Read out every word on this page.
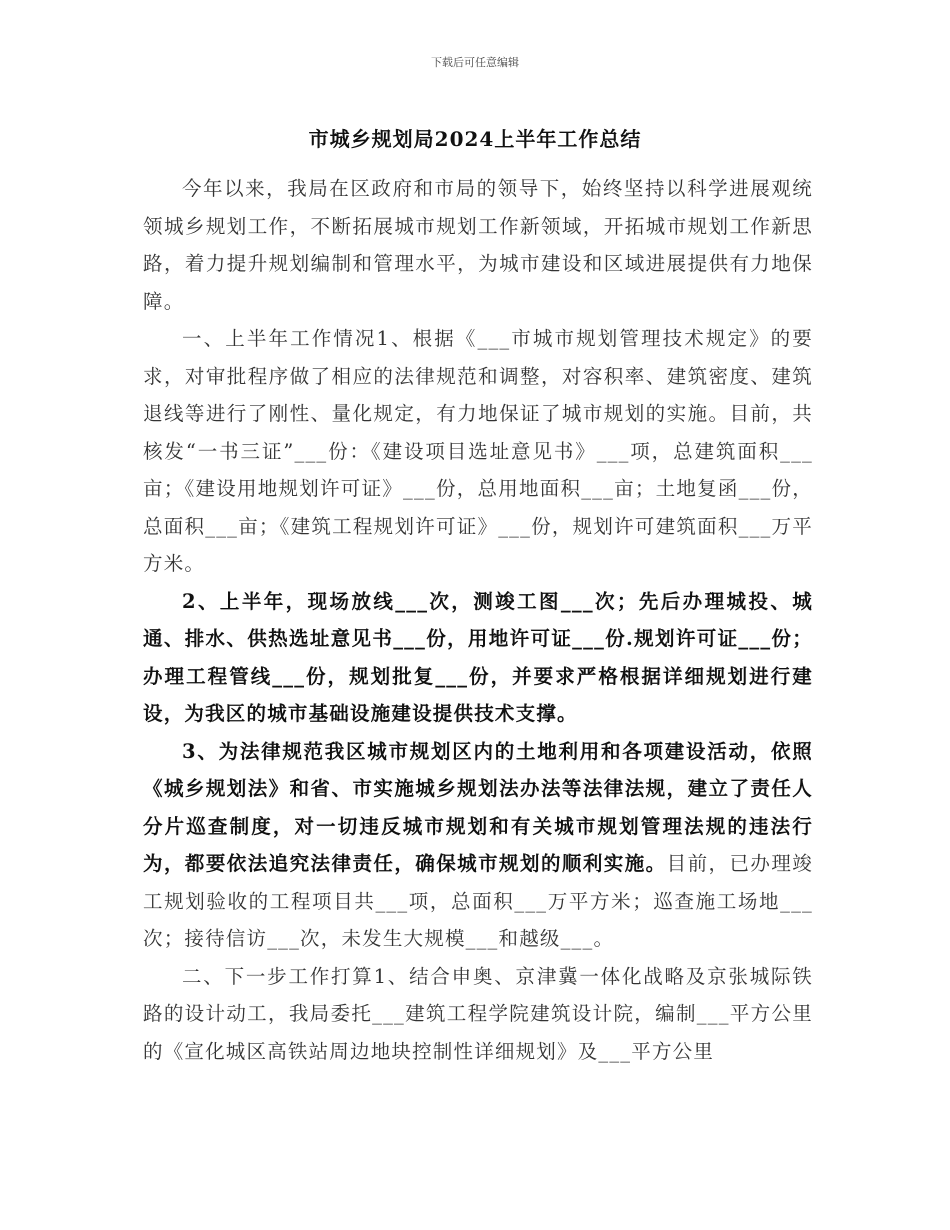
下载后可任意编辑
市城乡规划局2024上半年工作总结

今年以来，我局在区政府和市局的领导下，始终坚持以科学进展观统领城乡规划工作，不断拓展城市规划工作新领域，开拓城市规划工作新思路，着力提升规划编制和管理水平，为城市建设和区域进展提供有力地保障。

一、上半年工作情况1、根据《___市城市规划管理技术规定》的要求，对审批程序做了相应的法律规范和调整，对容积率、建筑密度、建筑退线等进行了刚性、量化规定，有力地保证了城市规划的实施。目前，共核发“一书三证”___份：《建设项目选址意见书》___项，总建筑面积___亩；《建设用地规划许可证》___份，总用地面积___亩；土地复函___份，总面积___亩；《建筑工程规划许可证》___份，规划许可建筑面积___万平方米。

2、上半年，现场放线___次，测竣工图___次；先后办理城投、城通、排水、供热选址意见书___份，用地许可证___份.规划许可证___份；办理工程管线___份，规划批复___份，并要求严格根据详细规划进行建设，为我区的城市基础设施建设提供技术支撑。

3、为法律规范我区城市规划区内的土地利用和各项建设活动，依照《城乡规划法》和省、市实施城乡规划法办法等法律法规，建立了责任人分片巡查制度，对一切违反城市规划和有关城市规划管理法规的违法行为，都要依法追究法律责任，确保城市规划的顺利实施。目前，已办理竣工规划验收的工程项目共___项，总面积___万平方米；巡查施工场地___次；接待信访___次，未发生大规模___和越级___。

二、下一步工作打算1、结合申奥、京津冀一体化战略及京张城际铁路的设计动工，我局委托___建筑工程学院建筑设计院，编制___平方公里的《宣化城区高铁站周边地块控制性详细规划》及___平方公里
